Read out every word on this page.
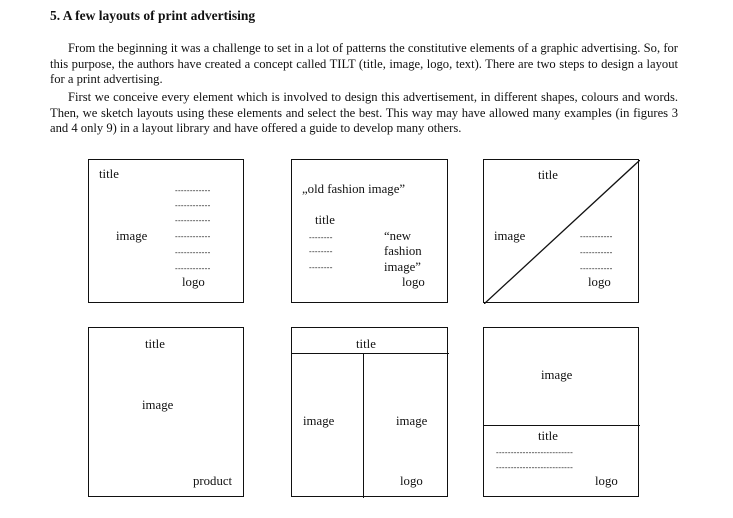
5. A few layouts of print advertising

From the beginning it was a challenge to set in a lot of patterns the constitutive elements of a graphic advertising. So, for this purpose, the authors have created a concept called TILT (title, image, logo, text). There are two steps to design a layout for a print advertising.

First we conceive every element which is involved to design this advertisement, in different shapes, colours and words. Then, we sketch layouts using these elements and select the best. This way may have allowed many examples (in figures 3 and 4 only 9) in a layout library and have offered a guide to develop many others.

title
image
------------
------------
------------
------------
------------
------------
logo
„old fashion image”
title
--------
--------
--------
“new
fashion
image”
logo
title
image	-----------
-----------
-----------
logo
title
image
product
title
image	image
logo
image
title
--------------------------
--------------------------
logo
